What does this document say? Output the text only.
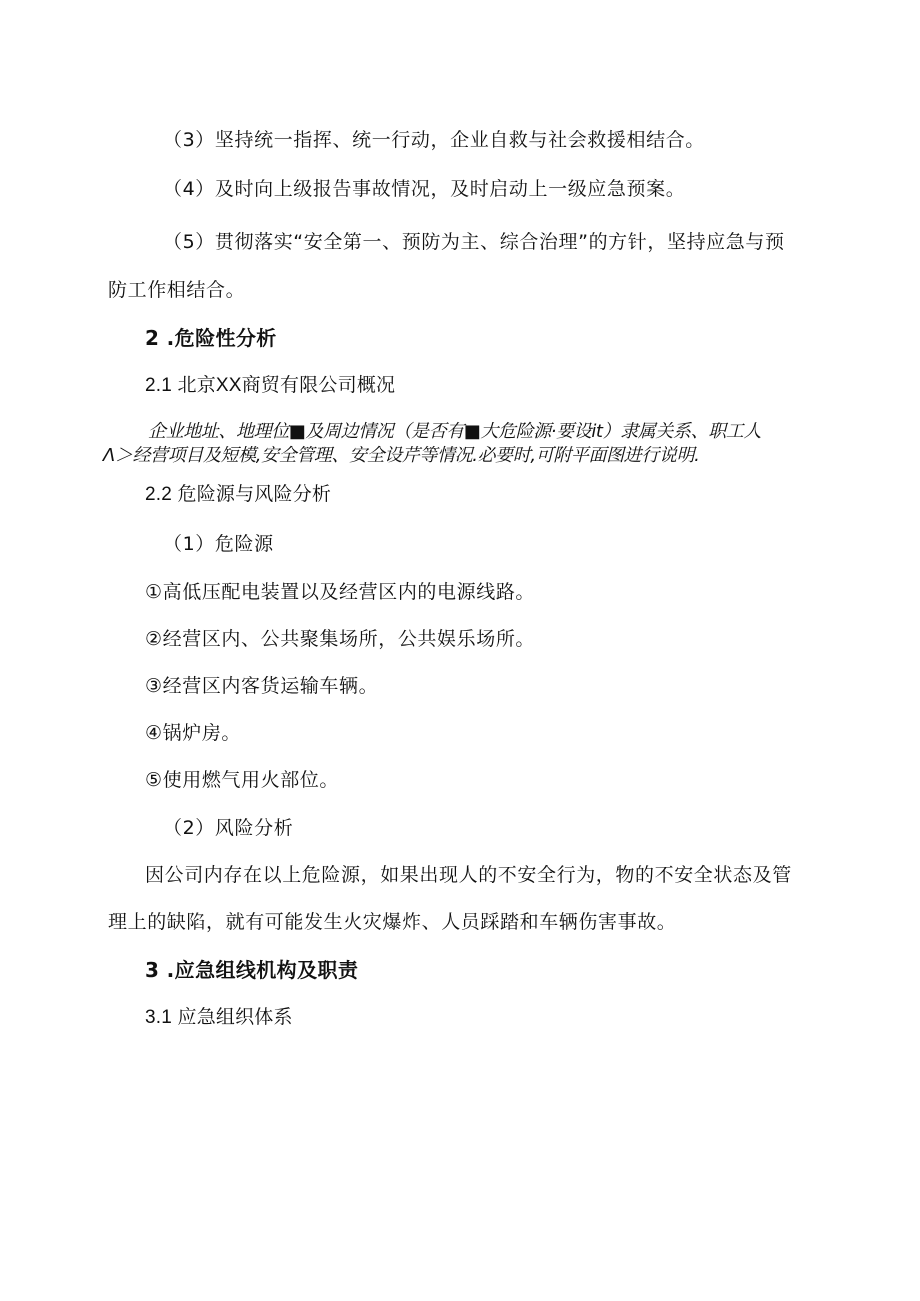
（3）坚持统一指挥、统一行动，企业自救与社会救援相结合。
（4）及时向上级报告事故情况，及时启动上一级应急预案。
（5）贯彻落实“安全第一、预防为主、综合治理”的方针，坚持应急与预
防工作相结合。
2 .危险性分析
2.1 北京XX商贸有限公司概况
企业地址、地理位■及周边情况（是否有■大危险源·要设it）隶属关系、职工人
Λ＞经营项目及短模,安全管理、安全设芹等情况.必要时,可附平面图进行说明.
2.2 危险源与风险分析
（1）危险源
①高低压配电装置以及经营区内的电源线路。
②经营区内、公共聚集场所，公共娱乐场所。
③经营区内客货运输车辆。
④锅炉房。
⑤使用燃气用火部位。
（2）风险分析
因公司内存在以上危险源，如果出现人的不安全行为，物的不安全状态及管
理上的缺陷，就有可能发生火灾爆炸、人员踩踏和车辆伤害事故。
3 .应急组线机构及职责
3.1 应急组织体系
